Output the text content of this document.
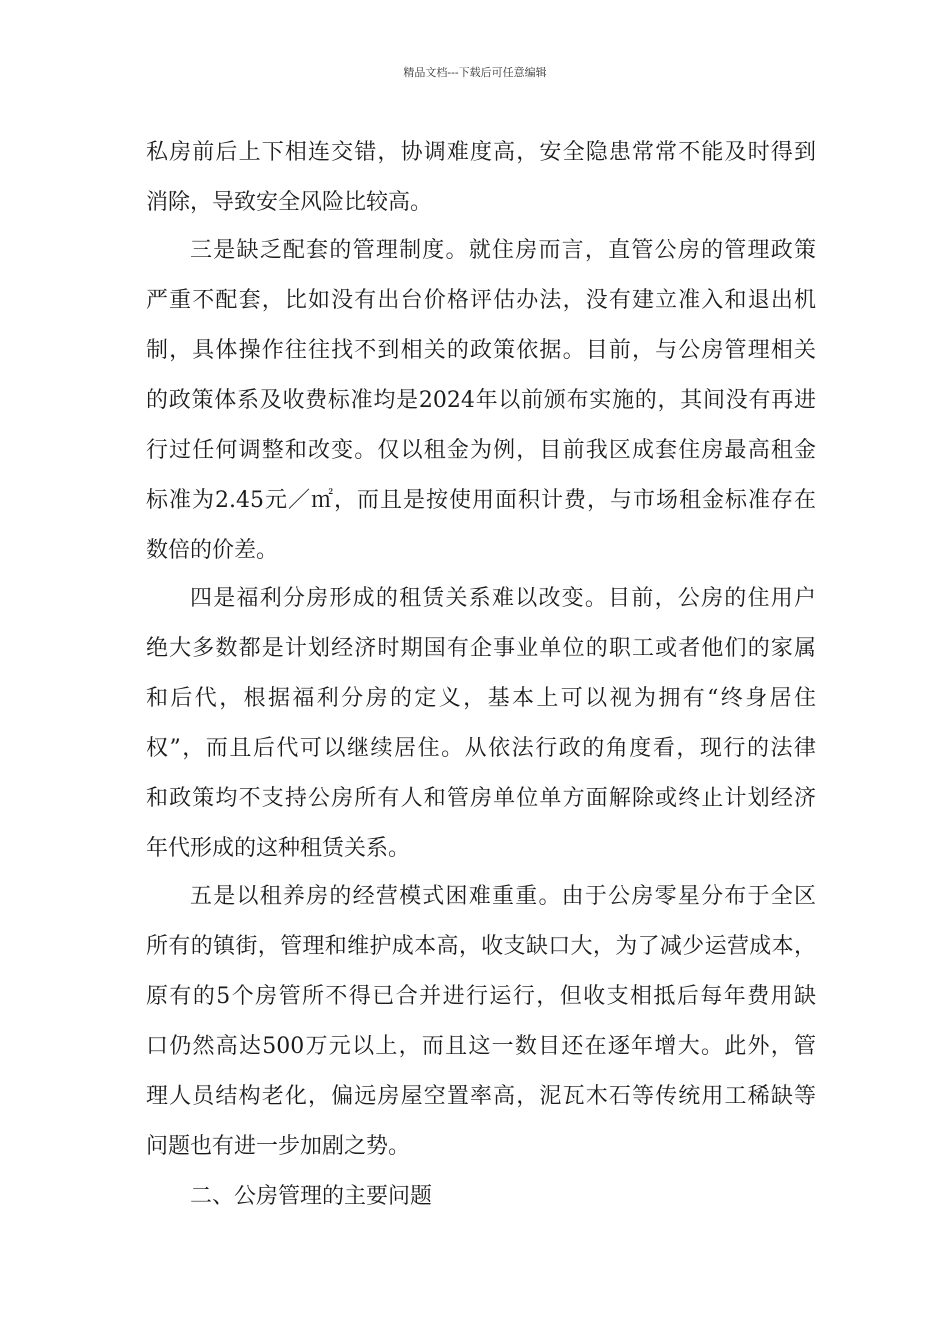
精品文档---下载后可任意编辑
私房前后上下相连交错，协调难度高，安全隐患常常不能及时得到
消除，导致安全风险比较高。
三是缺乏配套的管理制度。就住房而言，直管公房的管理政策
严重不配套，比如没有出台价格评估办法，没有建立准入和退出机
制，具体操作往往找不到相关的政策依据。目前，与公房管理相关
的政策体系及收费标准均是2024年以前颁布实施的，其间没有再进
行过任何调整和改变。仅以租金为例，目前我区成套住房最高租金
标准为2.45元／㎡，而且是按使用面积计费，与市场租金标准存在
数倍的价差。
四是福利分房形成的租赁关系难以改变。目前，公房的住用户
绝大多数都是计划经济时期国有企事业单位的职工或者他们的家属
和后代，根据福利分房的定义，基本上可以视为拥有“终身居住
权”，而且后代可以继续居住。从依法行政的角度看，现行的法律
和政策均不支持公房所有人和管房单位单方面解除或终止计划经济
年代形成的这种租赁关系。
五是以租养房的经营模式困难重重。由于公房零星分布于全区
所有的镇街，管理和维护成本高，收支缺口大，为了减少运营成本，
原有的5个房管所不得已合并进行运行，但收支相抵后每年费用缺
口仍然高达500万元以上，而且这一数目还在逐年增大。此外，管
理人员结构老化，偏远房屋空置率高，泥瓦木石等传统用工稀缺等
问题也有进一步加剧之势。
二、公房管理的主要问题
